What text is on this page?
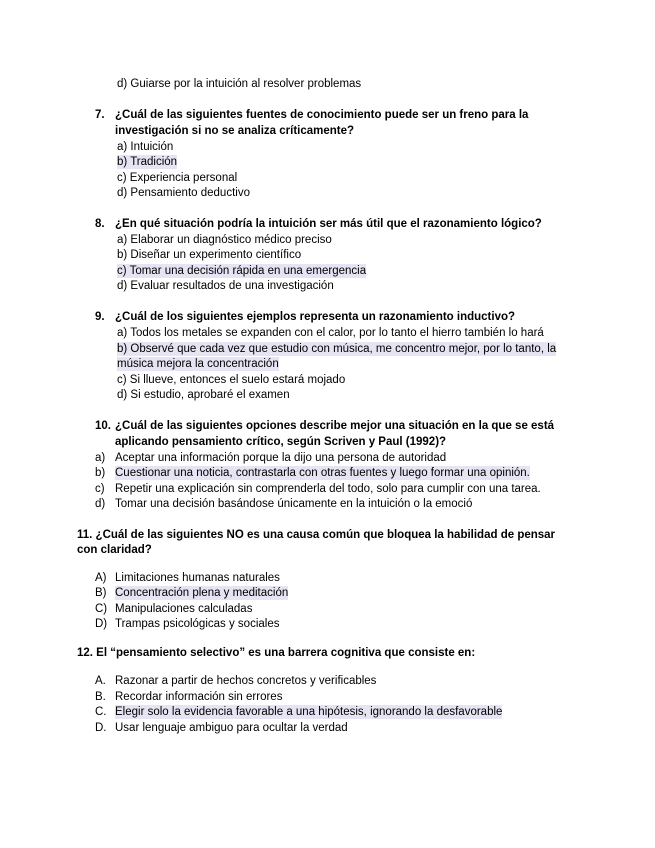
d) Guiarse por la intuición al resolver problemas
7. ¿Cuál de las siguientes fuentes de conocimiento puede ser un freno para la
investigación si no se analiza críticamente?
a) Intuición
b) Tradición
c) Experiencia personal
d) Pensamiento deductivo
8. ¿En qué situación podría la intuición ser más útil que el razonamiento lógico?
a) Elaborar un diagnóstico médico preciso
b) Diseñar un experimento científico
c) Tomar una decisión rápida en una emergencia
d) Evaluar resultados de una investigación
9. ¿Cuál de los siguientes ejemplos representa un razonamiento inductivo?
a) Todos los metales se expanden con el calor, por lo tanto el hierro también lo hará
b) Observé que cada vez que estudio con música, me concentro mejor, por lo tanto, la
música mejora la concentración
c) Si llueve, entonces el suelo estará mojado
d) Si estudio, aprobaré el examen
10. ¿Cuál de las siguientes opciones describe mejor una situación en la que se está
aplicando pensamiento crítico, según Scriven y Paul (1992)?
a) Aceptar una información porque la dijo una persona de autoridad
b) Cuestionar una noticia, contrastarla con otras fuentes y luego formar una opinión.
c) Repetir una explicación sin comprenderla del todo, solo para cumplir con una tarea.
d) Tomar una decisión basándose únicamente en la intuición o la emoció
11. ¿Cuál de las siguientes NO es una causa común que bloquea la habilidad de pensar
con claridad?
A) Limitaciones humanas naturales
B) Concentración plena y meditación
C) Manipulaciones calculadas
D) Trampas psicológicas y sociales
12. El “pensamiento selectivo” es una barrera cognitiva que consiste en:
A. Razonar a partir de hechos concretos y verificables
B. Recordar información sin errores
C. Elegir solo la evidencia favorable a una hipótesis, ignorando la desfavorable
D. Usar lenguaje ambiguo para ocultar la verdad
